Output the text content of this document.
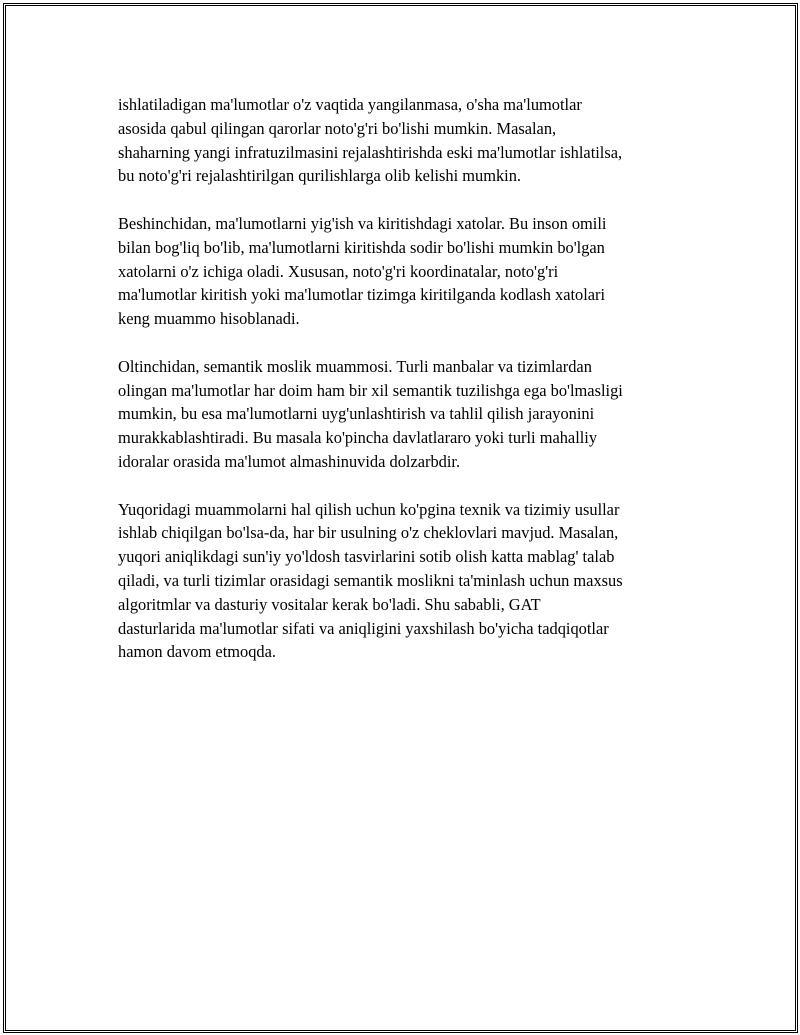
ishlatiladigan ma'lumotlar o'z vaqtida yangilanmasa, o'sha ma'lumotlar
asosida qabul qilingan qarorlar noto'g'ri bo'lishi mumkin. Masalan,
shaharning yangi infratuzilmasini rejalashtirishda eski ma'lumotlar ishlatilsa,
bu noto'g'ri rejalashtirilgan qurilishlarga olib kelishi mumkin.

Beshinchidan, ma'lumotlarni yig'ish va kiritishdagi xatolar. Bu inson omili
bilan bog'liq bo'lib, ma'lumotlarni kiritishda sodir bo'lishi mumkin bo'lgan
xatolarni o'z ichiga oladi. Xususan, noto'g'ri koordinatalar, noto'g'ri
ma'lumotlar kiritish yoki ma'lumotlar tizimga kiritilganda kodlash xatolari
keng muammo hisoblanadi.

Oltinchidan, semantik moslik muammosi. Turli manbalar va tizimlardan
olingan ma'lumotlar har doim ham bir xil semantik tuzilishga ega bo'lmasligi
mumkin, bu esa ma'lumotlarni uyg'unlashtirish va tahlil qilish jarayonini
murakkablashtiradi. Bu masala ko'pincha davlatlararo yoki turli mahalliy
idoralar orasida ma'lumot almashinuvida dolzarbdir.

Yuqoridagi muammolarni hal qilish uchun ko'pgina texnik va tizimiy usullar
ishlab chiqilgan bo'lsa-da, har bir usulning o'z cheklovlari mavjud. Masalan,
yuqori aniqlikdagi sun'iy yo'ldosh tasvirlarini sotib olish katta mablag' talab
qiladi, va turli tizimlar orasidagi semantik moslikni ta'minlash uchun maxsus
algoritmlar va dasturiy vositalar kerak bo'ladi. Shu sababli, GAT
dasturlarida ma'lumotlar sifati va aniqligini yaxshilash bo'yicha tadqiqotlar
hamon davom etmoqda.
